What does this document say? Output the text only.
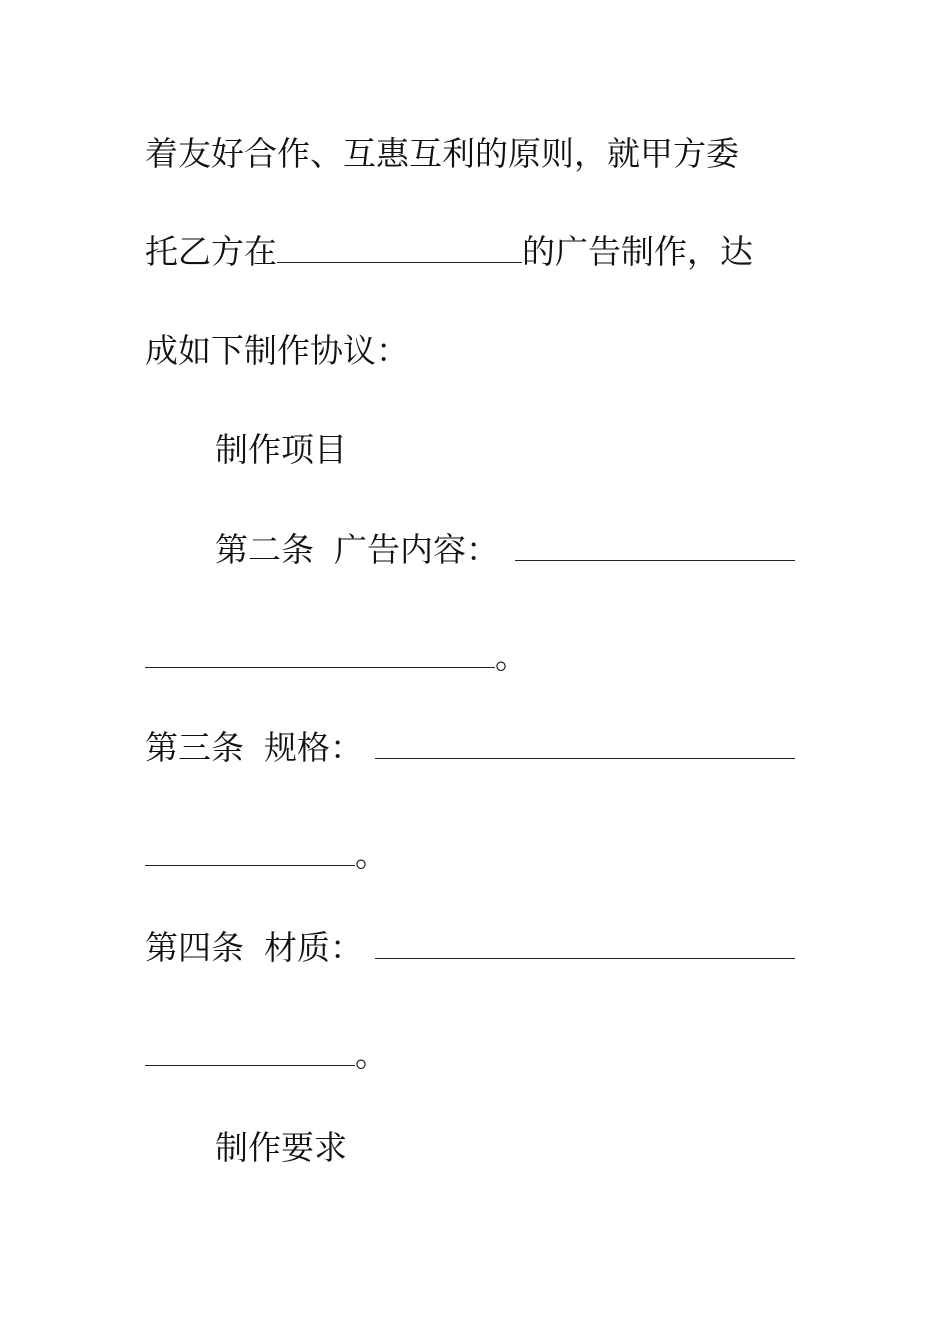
着友好合作、互惠互利的原则，就甲方委
托乙方在	的广告制作，达
成如下制作协议：
制作项目
第二条 广告内容：
。
第三条 规格：
。
第四条 材质：
。
制作要求
